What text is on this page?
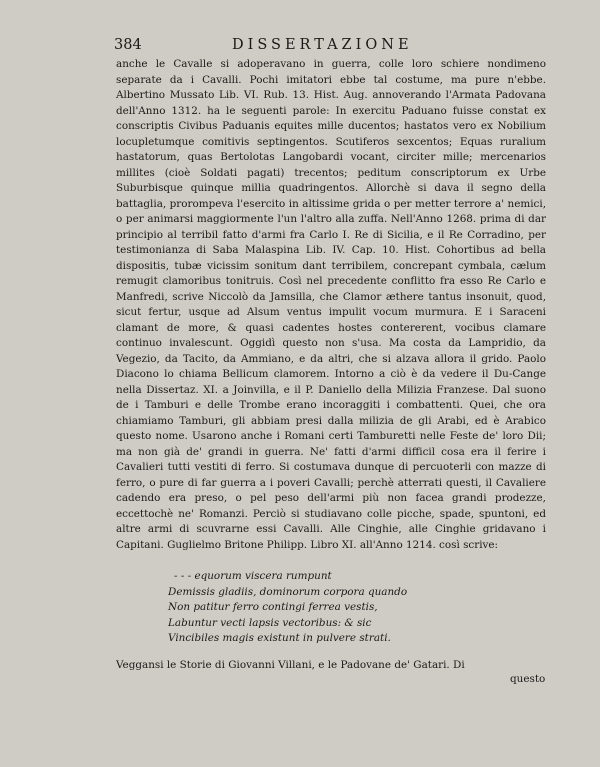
384	DISSERTAZIONE

anche le Cavalle si adoperavano in guerra, colle loro schiere nondimeno separate da i Cavalli. Pochi imitatori ebbe tal costume, ma pure n'ebbe. Albertino Mussato Lib. VI. Rub. 13. Hist. Aug. annoverando l'Armata Padovana dell'Anno 1312. ha le seguenti parole: In exercitu Paduano fuisse constat ex conscriptis Civibus Paduanis equites mille ducentos; hastatos vero ex Nobilium locupletumque comitivis septingentos. Scutiferos sexcentos; Equas ruralium hastatorum, quas Bertolotas Langobardi vocant, circiter mille; mercenarios millites (cioè Soldati pagati) trecentos; peditum conscriptorum ex Urbe Suburbisque quinque millia quadringentos. Allorchè si dava il segno della battaglia, prorompeva l'esercito in altissime grida o per metter terrore a' nemici, o per animarsi maggiormente l'un l'altro alla zuffa. Nell'Anno 1268. prima di dar principio al terribil fatto d'armi fra Carlo I. Re di Sicilia, e il Re Corradino, per testimonianza di Saba Malaspina Lib. IV. Cap. 10. Hist. Cohortibus ad bella dispositis, tubæ vicissim sonitum dant terribilem, concrepant cymbala, cælum remugit clamoribus tonitruis. Così nel precedente conflitto fra esso Re Carlo e Manfredi, scrive Niccolò da Jamsilla, che Clamor æthere tantus insonuit, quod, sicut fertur, usque ad Alsum ventus impulit vocum murmura. E i Saraceni clamant de more, & quasi cadentes hostes contererent, vocibus clamare continuo invalescunt. Oggidì questo non s'usa. Ma costa da Lampridio, da Vegezio, da Tacito, da Ammiano, e da altri, che si alzava allora il grido. Paolo Diacono lo chiama Bellicum clamorem. Intorno a ciò è da vedere il Du-Cange nella Dissertaz. XI. a Joinvilla, e il P. Daniello della Milizia Franzese. Dal suono de i Tamburi e delle Trombe erano incoraggiti i combattenti. Quei, che ora chiamiamo Tamburi, gli abbiam presi dalla milizia de gli Arabi, ed è Arabico questo nome. Usarono anche i Romani certi Tamburetti nelle Feste de' loro Dii; ma non già de' grandi in guerra. Ne' fatti d'armi difficil cosa era il ferire i Cavalieri tutti vestiti di ferro. Si costumava dunque di percuoterli con mazze di ferro, o pure di far guerra a i poveri Cavalli; perchè atterrati questi, il Cavaliere cadendo era preso, o pel peso dell'armi più non facea grandi prodezze, eccettochè ne' Romanzi. Perciò si studiavano colle picche, spade, spuntoni, ed altre armi di scuvrarne essi Cavalli. Alle Cinghie, alle Cinghie gridavano i Capitani. Guglielmo Britone Philipp. Libro XI. all'Anno 1214. così scrive:

- - - equorum viscera rumpunt
Demissis gladiis, dominorum corpora quando
Non patitur ferro contingi ferrea vestis,
Labuntur vecti lapsis vectoribus: & sic
Vincibiles magis existunt in pulvere strati.
Veggansi le Storie di Giovanni Villani, e le Padovane de' Gatari. Di
questo
